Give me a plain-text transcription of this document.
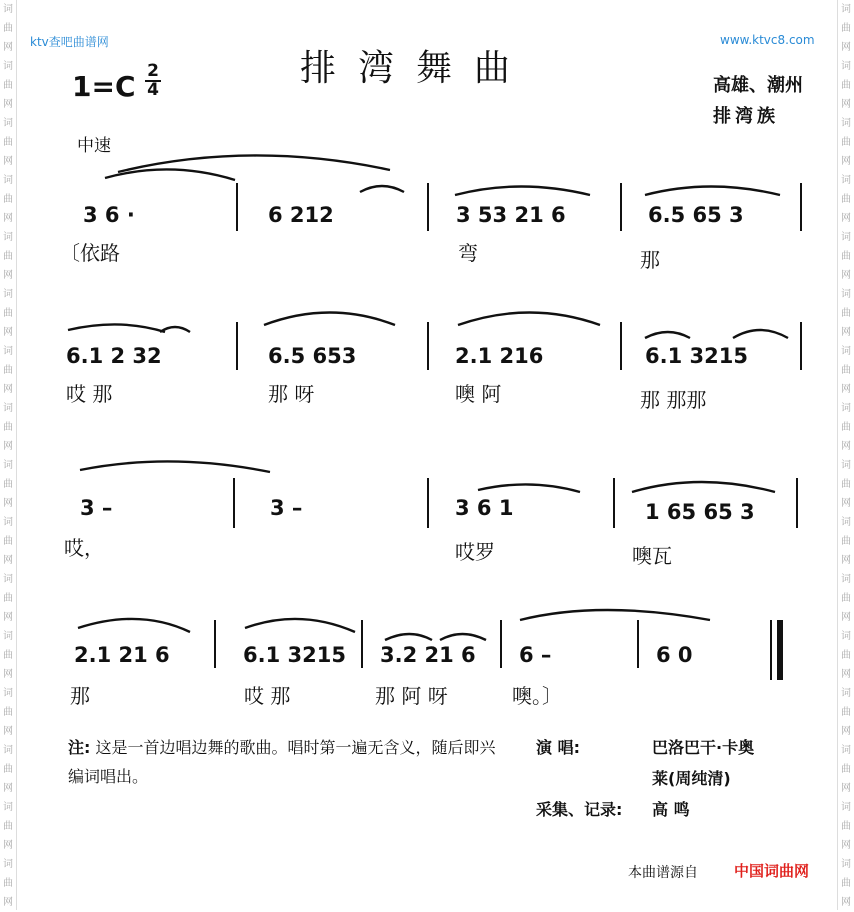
词
曲
网
词
曲
网
词
曲
网
词
曲
网
词
曲
网
词
曲
网
词
曲
网
词
曲
网
词
曲
网
词
曲
网
词
曲
网
词
曲
网
词
曲
网
词
曲
网
词
曲
网
词
曲
网
词
曲
网
词
曲
网
词
曲
网
词
曲
网
词
曲
网
词
曲
网
词
曲
网
词
曲
网
词
曲
网
词
曲
网
词
曲
网
词
曲
网
词
曲
网
词
曲
网
词
曲
网
词
曲
网
ktv查吧曲谱网	www.ktvc8.com
排湾舞曲
$1=C \frac{2}{4}$	高雄、潮州
排湾族
中速
3 6 ·	6 212	3 53 21 6	6.5 65 3
〔依路	弯	那
6.1 2 32	6.5 653	2.1 216	6.1 3215
哎 那	那 呀	噢 阿	那 那那
3 –	3 –	3 6 1	1 65 65 3
哎，	哎罗	噢瓦
2.1 21 6	6.1 3215 3.2 21 6 6 –	6 0
那	哎 那	那 阿 呀	噢。〕
注: 这是一首边唱边舞的歌曲。唱时第一遍无含义，随后即兴编词唱出。
演 唱:	巴洛巴干·卡奥
莱(周纯清)
采集、记录: 高 鸣
本曲谱源自 中国词曲网
